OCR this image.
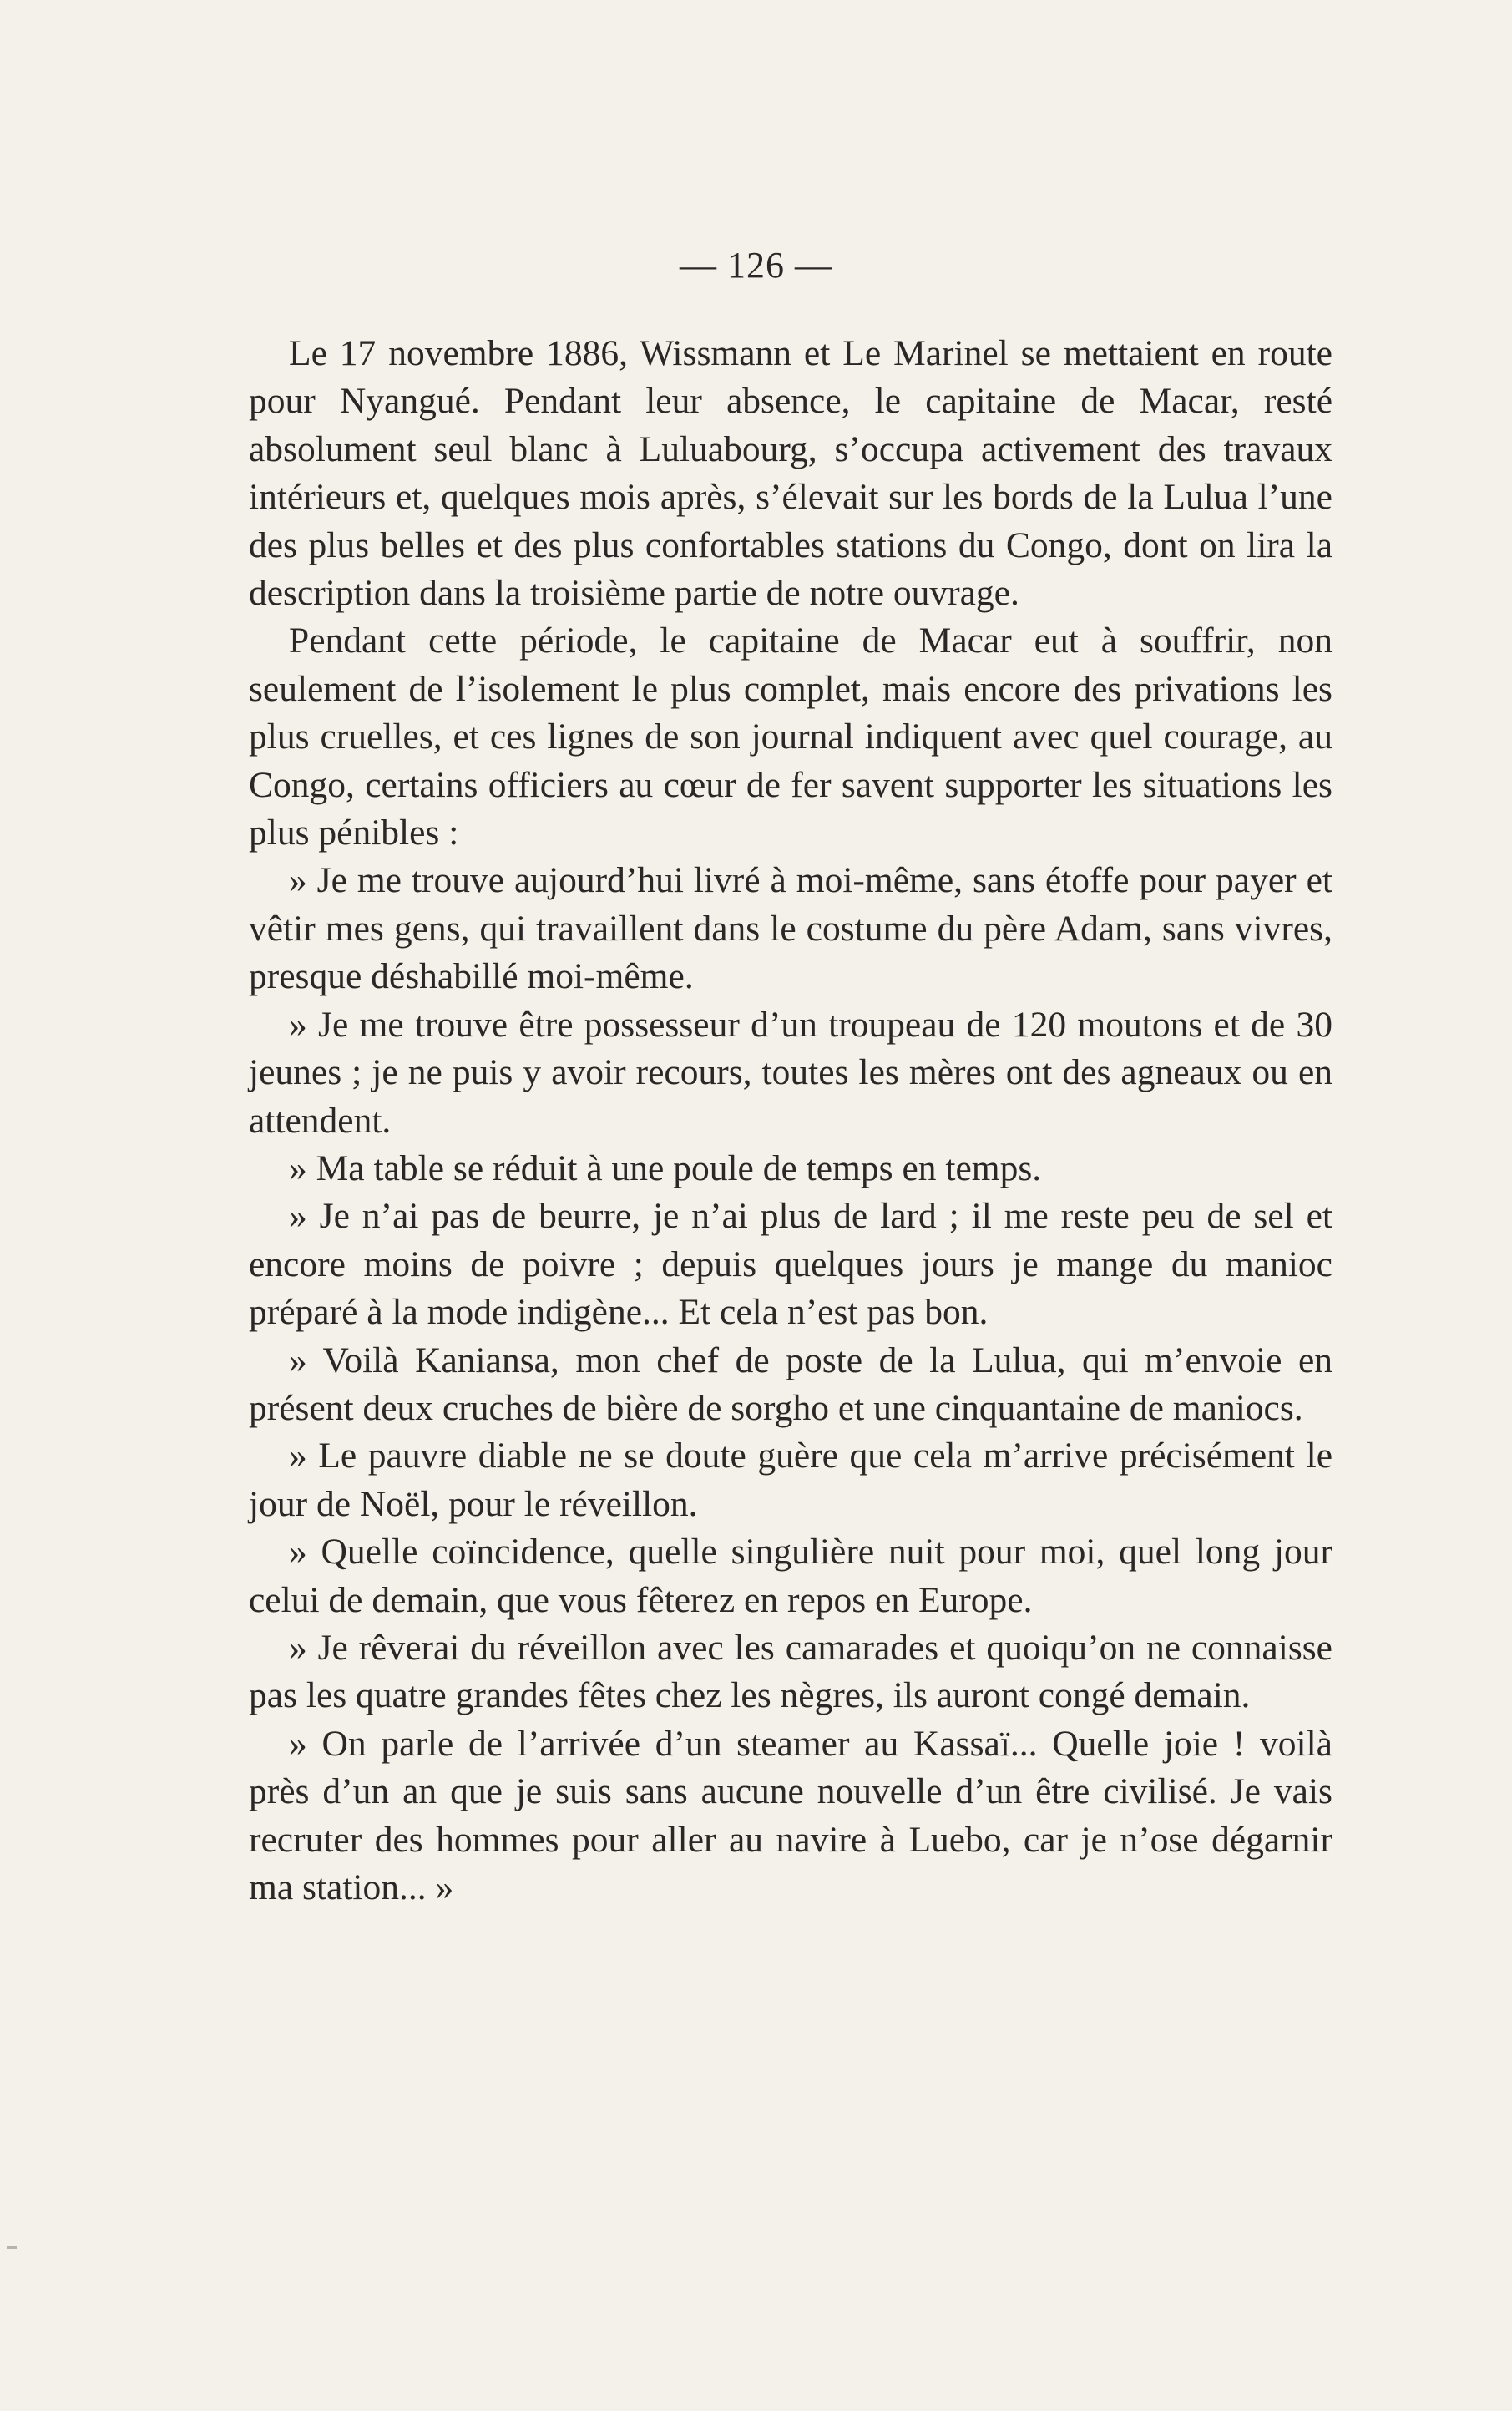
— 126 —

Le 17 novembre 1886, Wissmann et Le Marinel se mettaient en route pour Nyangué. Pendant leur absence, le capitaine de Macar, resté absolument seul blanc à Luluabourg, s’occupa activement des travaux intérieurs et, quelques mois après, s’élevait sur les bords de la Lulua l’une des plus belles et des plus confortables stations du Congo, dont on lira la description dans la troisième partie de notre ouvrage.

Pendant cette période, le capitaine de Macar eut à souffrir, non seulement de l’isolement le plus complet, mais encore des privations les plus cruelles, et ces lignes de son journal indiquent avec quel courage, au Congo, certains officiers au cœur de fer savent supporter les situations les plus pénibles :

» Je me trouve aujourd’hui livré à moi-même, sans étoffe pour payer et vêtir mes gens, qui travaillent dans le costume du père Adam, sans vivres, presque déshabillé moi-même.

» Je me trouve être possesseur d’un troupeau de 120 moutons et de 30 jeunes ; je ne puis y avoir recours, toutes les mères ont des agneaux ou en attendent.

» Ma table se réduit à une poule de temps en temps.

» Je n’ai pas de beurre, je n’ai plus de lard ; il me reste peu de sel et encore moins de poivre ; depuis quelques jours je mange du manioc préparé à la mode indigène... Et cela n’est pas bon.

» Voilà Kaniansa, mon chef de poste de la Lulua, qui m’envoie en présent deux cruches de bière de sorgho et une cinquantaine de maniocs.

» Le pauvre diable ne se doute guère que cela m’arrive précisément le jour de Noël, pour le réveillon.

» Quelle coïncidence, quelle singulière nuit pour moi, quel long jour celui de demain, que vous fêterez en repos en Europe.

» Je rêverai du réveillon avec les camarades et quoiqu’on ne connaisse pas les quatre grandes fêtes chez les nègres, ils auront congé demain.

» On parle de l’arrivée d’un steamer au Kassaï... Quelle joie ! voilà près d’un an que je suis sans aucune nouvelle d’un être civilisé. Je vais recruter des hommes pour aller au navire à Luebo, car je n’ose dégarnir ma station... »
